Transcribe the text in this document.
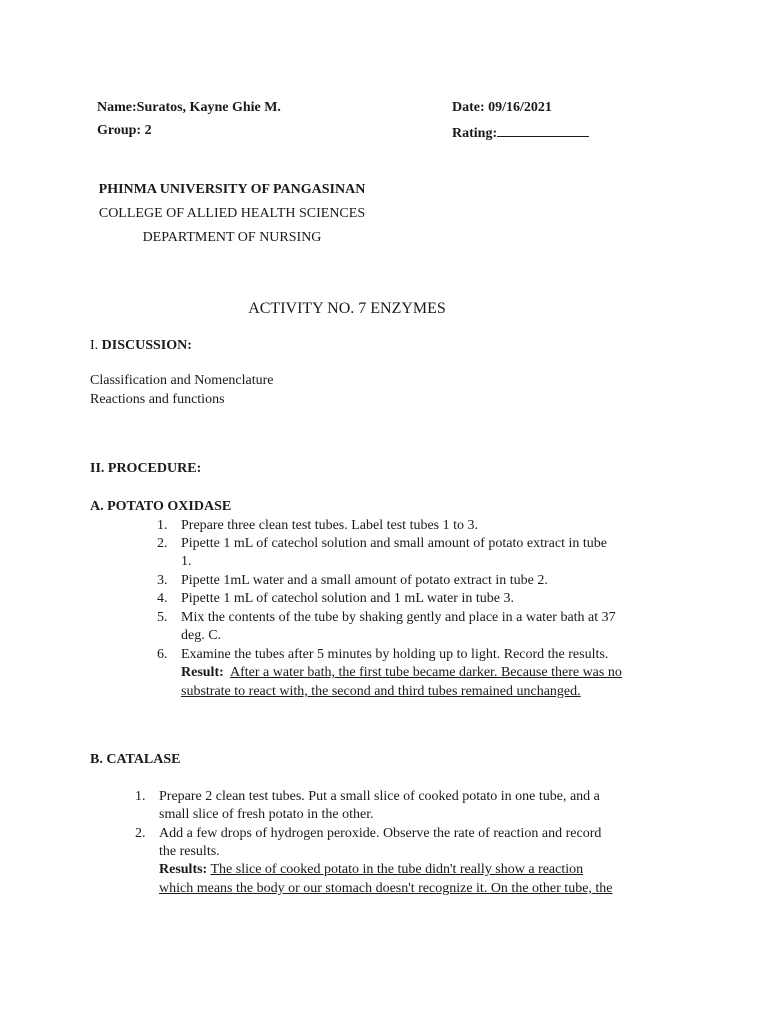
Name:Suratos, Kayne Ghie M.
Group: 2
Date: 09/16/2021
Rating:
PHINMA UNIVERSITY OF PANGASINAN
COLLEGE OF ALLIED HEALTH SCIENCES
DEPARTMENT OF NURSING
ACTIVITY NO. 7 ENZYMES
I. DISCUSSION:
Classification and Nomenclature
Reactions and functions
II. PROCEDURE:
A. POTATO OXIDASE
1. Prepare three clean test tubes. Label test tubes 1 to 3.
2. Pipette 1 mL of catechol solution and small amount of potato extract in tube
1.
3. Pipette 1mL water and a small amount of potato extract in tube 2.
4. Pipette 1 mL of catechol solution and 1 mL water in tube 3.
5. Mix the contents of the tube by shaking gently and place in a water bath at 37
deg. C.
6. Examine the tubes after 5 minutes by holding up to light. Record the results.
Result: After a water bath, the first tube became darker. Because there was no
substrate to react with, the second and third tubes remained unchanged.
B. CATALASE
1. Prepare 2 clean test tubes. Put a small slice of cooked potato in one tube, and a
small slice of fresh potato in the other.
2. Add a few drops of hydrogen peroxide. Observe the rate of reaction and record
the results.
Results: The slice of cooked potato in the tube didn't really show a reaction
which means the body or our stomach doesn't recognize it. On the other tube, the
